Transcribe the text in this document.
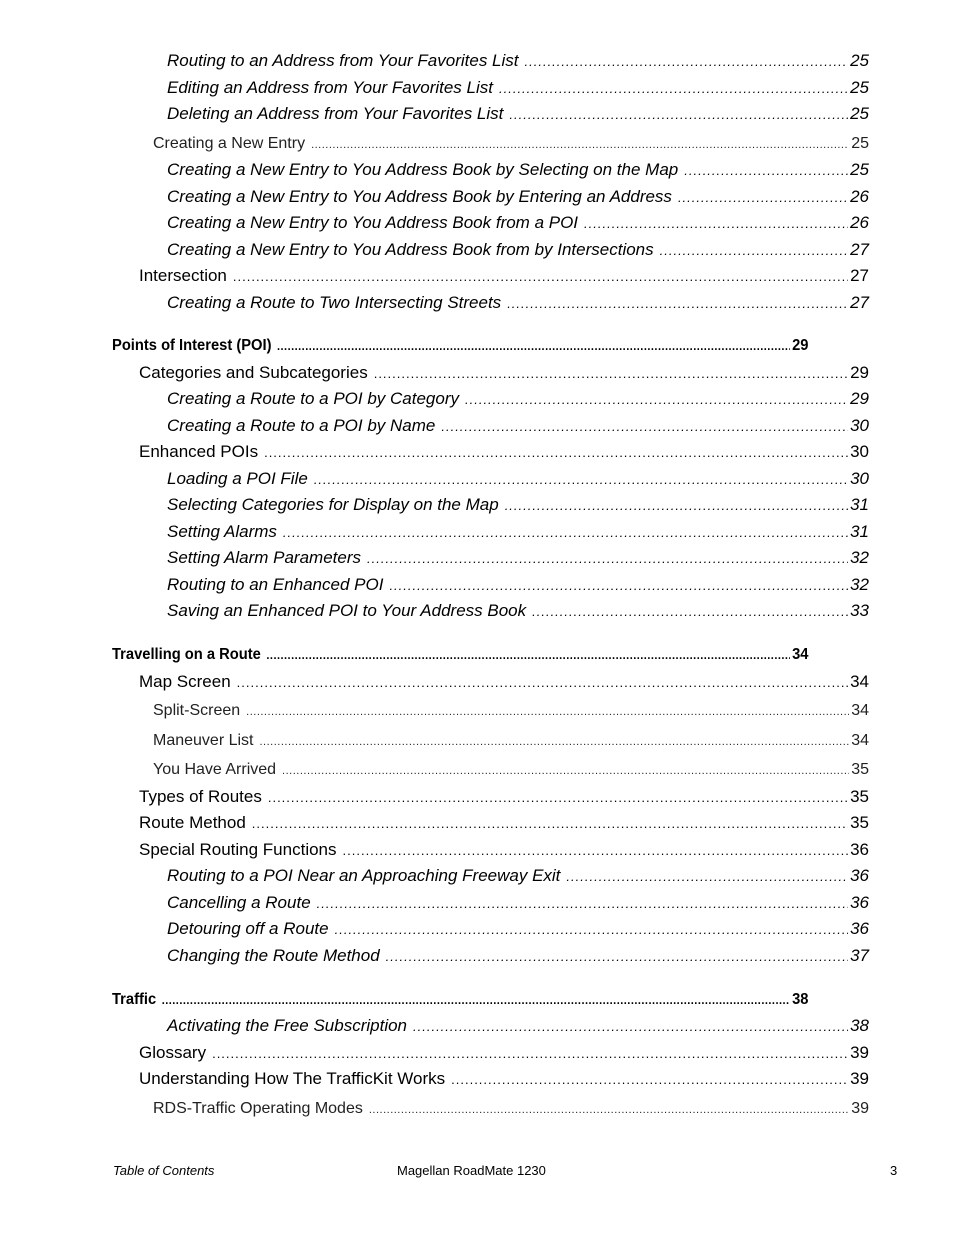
Routing to an Address from Your Favorites List .....	25
Editing an Address from Your Favorites List .....	25
Deleting an Address from Your Favorites List .....	25
Creating a New Entry .....	25
Creating a New Entry to You Address Book by Selecting on the Map .....	25
Creating a New Entry to You Address Book by Entering an Address .....	26
Creating a New Entry to You Address Book from a POI .....	26
Creating a New Entry to You Address Book from by Intersections .....	27
Intersection .....	27
Creating a Route to Two Intersecting Streets .....	27
Points of Interest (POI) .....	29
Categories and Subcategories .....	29
Creating a Route to a POI by Category .....	29
Creating a Route to a POI by Name .....	30
Enhanced POIs .....	30
Loading a POI File .....	30
Selecting Categories for Display on the Map .....	31
Setting Alarms .....	31
Setting Alarm Parameters .....	32
Routing to an Enhanced POI .....	32
Saving an Enhanced POI to Your Address Book .....	33
Travelling on a Route .....	34
Map Screen .....	34
Split-Screen .....	34
Maneuver List .....	34
You Have Arrived .....	35
Types of Routes .....	35
Route Method .....	35
Special Routing Functions .....	36
Routing to a POI Near an Approaching Freeway Exit .....	36
Cancelling a Route .....	36
Detouring off a Route .....	36
Changing the Route Method .....	37
Traffic .....	38
Activating the Free Subscription .....	38
Glossary .....	39
Understanding How The TrafficKit Works .....	39
RDS-Traffic Operating Modes .....	39
Table of Contents	Magellan RoadMate 1230	3
